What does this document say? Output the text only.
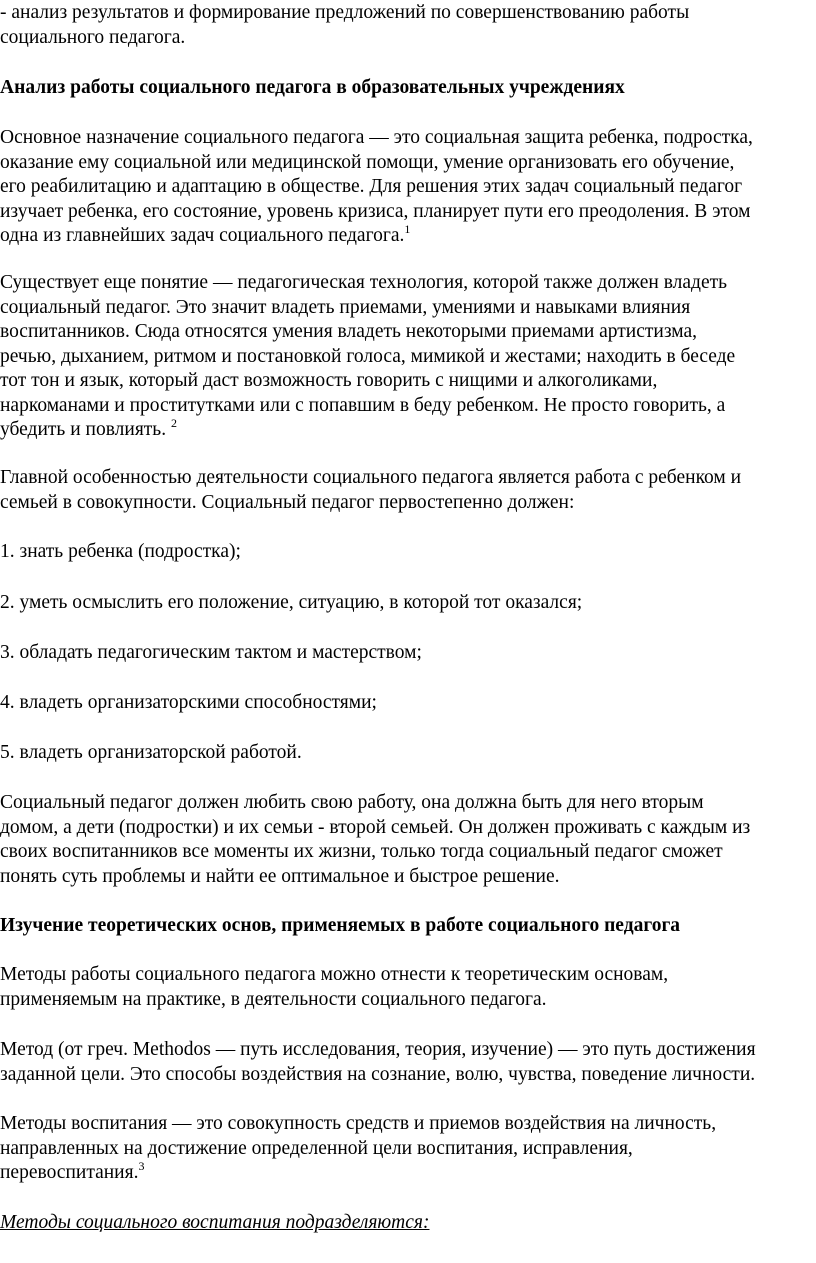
- анализ результатов и формирование предложений по совершенствованию работы
социального педагога.

Анализ работы социального педагога в образовательных учреждениях

Основное назначение социального педагога — это социальная защита ребенка, подростка,
оказание ему социальной или медицинской помощи, умение организовать его обучение,
его реабилитацию и адаптацию в обществе. Для решения этих задач социальный педагог
изучает ребенка, его состояние, уровень кризиса, планирует пути его преодоления. В этом
одна из главнейших задач социального педагога.$^1$

Существует еще понятие — педагогическая технология, которой также должен владеть
социальный педагог. Это значит владеть приемами, умениями и навыками влияния
воспитанников. Сюда относятся умения владеть некоторыми приемами артистизма,
речью, дыханием, ритмом и постановкой голоса, мимикой и жестами; находить в беседе
тот тон и язык, который даст возможность говорить с нищими и алкоголиками,
наркоманами и проститутками или с попавшим в беду ребенком. Не просто говорить, а
убедить и повлиять. $^2$

Главной особенностью деятельности социального педагога является работа с ребенком и
семьей в совокупности. Социальный педагог первостепенно должен:

1. знать ребенка (подростка);

2. уметь осмыслить его положение, ситуацию, в которой тот оказался;

3. обладать педагогическим тактом и мастерством;

4. владеть организаторскими способностями;

5. владеть организаторской работой.

Социальный педагог должен любить свою работу, она должна быть для него вторым
домом, а дети (подростки) и их семьи - второй семьей. Он должен проживать с каждым из
своих воспитанников все моменты их жизни, только тогда социальный педагог сможет
понять суть проблемы и найти ее оптимальное и быстрое решение.

Изучение теоретических основ, применяемых в работе социального педагога

Методы работы социального педагога можно отнести к теоретическим основам,
применяемым на практике, в деятельности социального педагога.

Метод (от греч. Methodos — путь исследования, теория, изучение) — это путь достижения
заданной цели. Это способы воздействия на сознание, волю, чувства, поведение личности.

Методы воспитания — это совокупность средств и приемов воздействия на личность,
направленных на достижение определенной цели воспитания, исправления,
перевоспитания.$^3$

Методы социального воспитания подразделяются:
